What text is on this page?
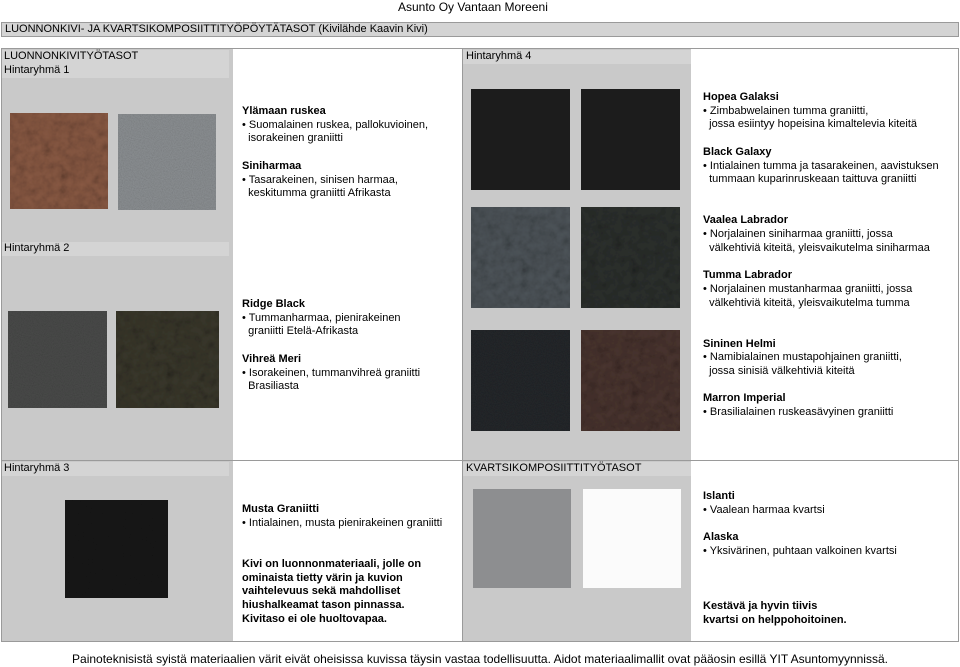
Asunto Oy Vantaan Moreeni
LUONNONKIVI- JA KVARTSIKOMPOSIITTITYÖPÖYTÄTASOT (Kivilähde Kaavin Kivi)
LUONNONKIVITYÖTASOT
Hintaryhmä 1
Ylämaan ruskea
• Suomalainen ruskea, pallokuvioinen,
isorakeinen graniitti

Siniharmaa
• Tasarakeinen, sinisen harmaa,
keskitumma graniitti Afrikasta
Hintaryhmä 2
Ridge Black
• Tummanharmaa, pienirakeinen
graniitti Etelä-Afrikasta

Vihreä Meri
• Isorakeinen, tummanvihreä graniitti
Brasiliasta
Hintaryhmä 4
Hopea Galaksi
• Zimbabwelainen tumma graniitti,
jossa esiintyy hopeisina kimaltelevia kiteitä

Black Galaxy
• Intialainen tumma ja tasarakeinen, aavistuksen
tummaan kuparinruskeaan taittuva graniitti

Vaalea Labrador
• Norjalainen siniharmaa graniitti, jossa
välkehtiviä kiteitä, yleisvaikutelma siniharmaa

Tumma Labrador
• Norjalainen mustanharmaa graniitti, jossa
välkehtiviä kiteitä, yleisvaikutelma tumma

Sininen Helmi
• Namibialainen mustapohjainen graniitti,
jossa sinisiä välkehtiviä kiteitä

Marron Imperial
• Brasilialainen ruskeasävyinen graniitti
Hintaryhmä 3
Musta Graniitti
• Intialainen, musta pienirakeinen graniitti
Kivi on luonnonmateriaali, jolle on
ominaista tietty värin ja kuvion
vaihtelevuus sekä mahdolliset
hiushalkeamat tason pinnassa.
Kivitaso ei ole huoltovapaa.
KVARTSIKOMPOSIITTITYÖTASOT
Islanti
• Vaalean harmaa kvartsi

Alaska
• Yksivärinen, puhtaan valkoinen kvartsi
Kestävä ja hyvin tiivis
kvartsi on helppohoitoinen.
Painoteknisistä syistä materiaalien värit eivät oheisissa kuvissa täysin vastaa todellisuutta. Aidot materiaalimallit ovat pääosin esillä YIT Asuntomyynnissä.
